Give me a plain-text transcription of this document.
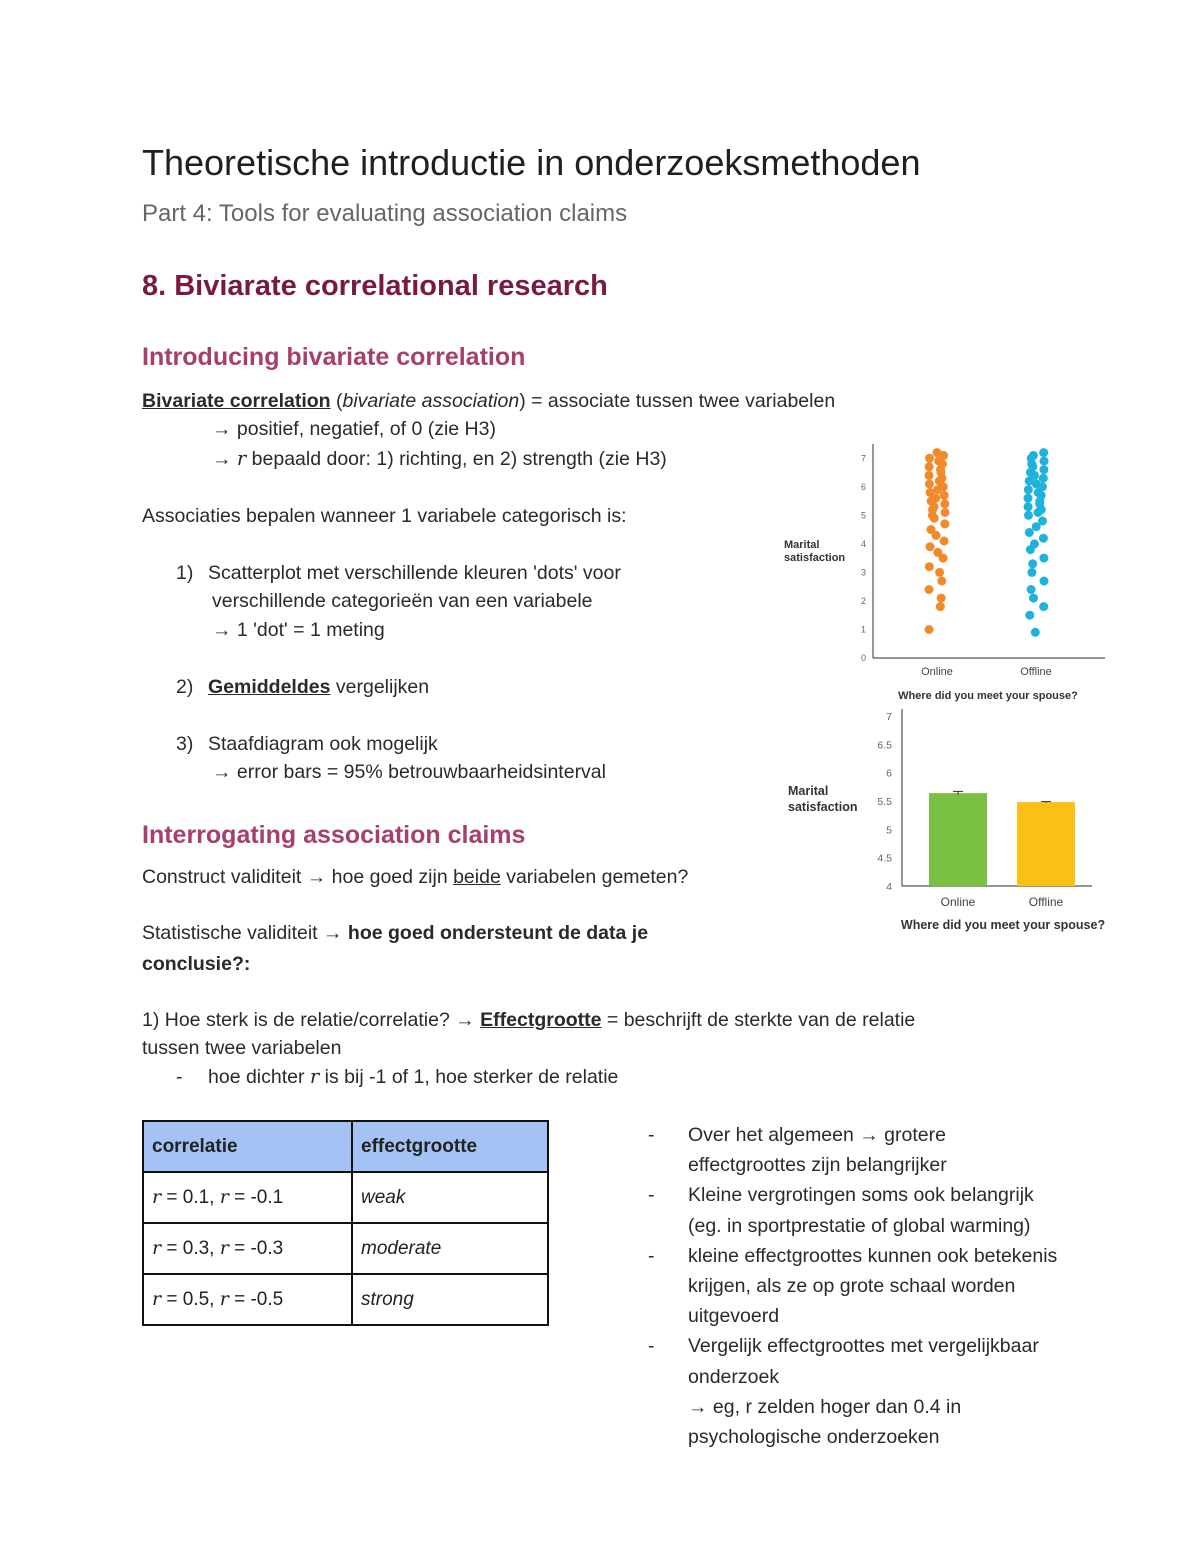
Theoretische introductie in onderzoeksmethoden
Part 4: Tools for evaluating association claims
8. Biviarate correlational research
Introducing bivariate correlation
Bivariate correlation (bivariate association) = associate tussen twee variabelen
→ positief, negatief, of 0 (zie H3)
→ r bepaald door: 1) richting, en 2) strength (zie H3)
Associaties bepalen wanneer 1 variabele categorisch is:
1) Scatterplot met verschillende kleuren 'dots' voor
verschillende categorieën van een variabele
→ 1 'dot' = 1 meting
2) Gemiddeldes vergelijken
3) Staafdiagram ook mogelijk
→ error bars = 95% betrouwbaarheidsinterval
Interrogating association claims
Construct validiteit → hoe goed zijn beide variabelen gemeten?
Statistische validiteit → hoe goed ondersteunt de data je
conclusie?:
1) Hoe sterk is de relatie/correlatie? → Effectgrootte = beschrijft de sterkte van de relatie
tussen twee variabelen
- hoe dichter r is bij -1 of 1, hoe sterker de relatie
correlatie	effectgrootte
r = 0.1, r = -0.1	weak
r = 0.3, r = -0.3	moderate
r = 0.5, r = -0.5	strong
- Over het algemeen → grotere
effectgroottes zijn belangrijker
- Kleine vergrotingen soms ook belangrijk
(eg. in sportprestatie of global warming)
- kleine effectgroottes kunnen ook betekenis
krijgen, als ze op grote schaal worden
uitgevoerd
- Vergelijk effectgroottes met vergelijkbaar
onderzoek
→ eg, r zelden hoger dan 0.4 in
psychologische onderzoeken
Marital
satisfaction
0
1
2
3
4
5
6
7
Online	Offline
Where did you meet your spouse?
Marital
satisfaction
4
4.5
5
5.5
6
6.5
7
Online	Offline
Where did you meet your spouse?
